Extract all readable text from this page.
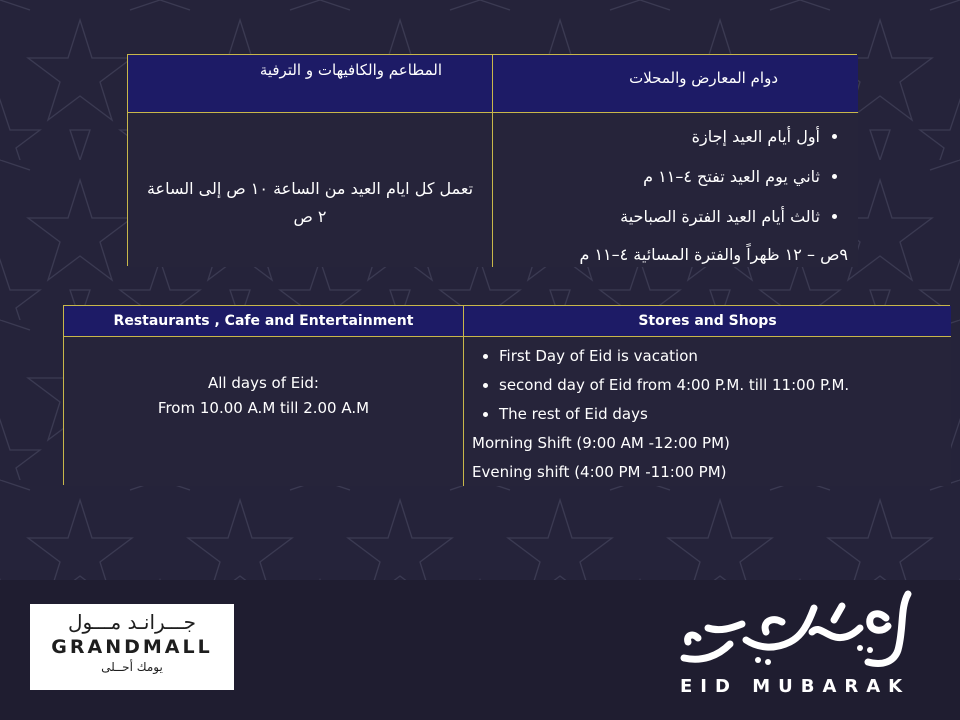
المطاعم والكافيهات و الترفية	دوام المعارض والمحلات
تعمل كل ايام العيد من الساعة ١٠ ص إلى الساعة ٢ ص
• أول أيام العيد إجازة
• ثاني يوم العيد تفتح ٤–١١ م
• ثالث أيام العيد الفترة الصباحية
٩ص – ١٢ ظهراً والفترة المسائية ٤–١١ م
Restaurants , Cafe and Entertainment	Stores and Shops
All days of Eid:
From 10.00 A.M till 2.00 A.M
• First Day of Eid is vacation
• second day of Eid from 4:00 P.M. till 11:00 P.M.
• The rest of Eid days
Morning Shift (9:00 AM -12:00 PM)
Evening shift (4:00 PM -11:00 PM)
جـــرانـد مـــول
GRANDMALL
يومك أحــلى
EID MUBARAK
